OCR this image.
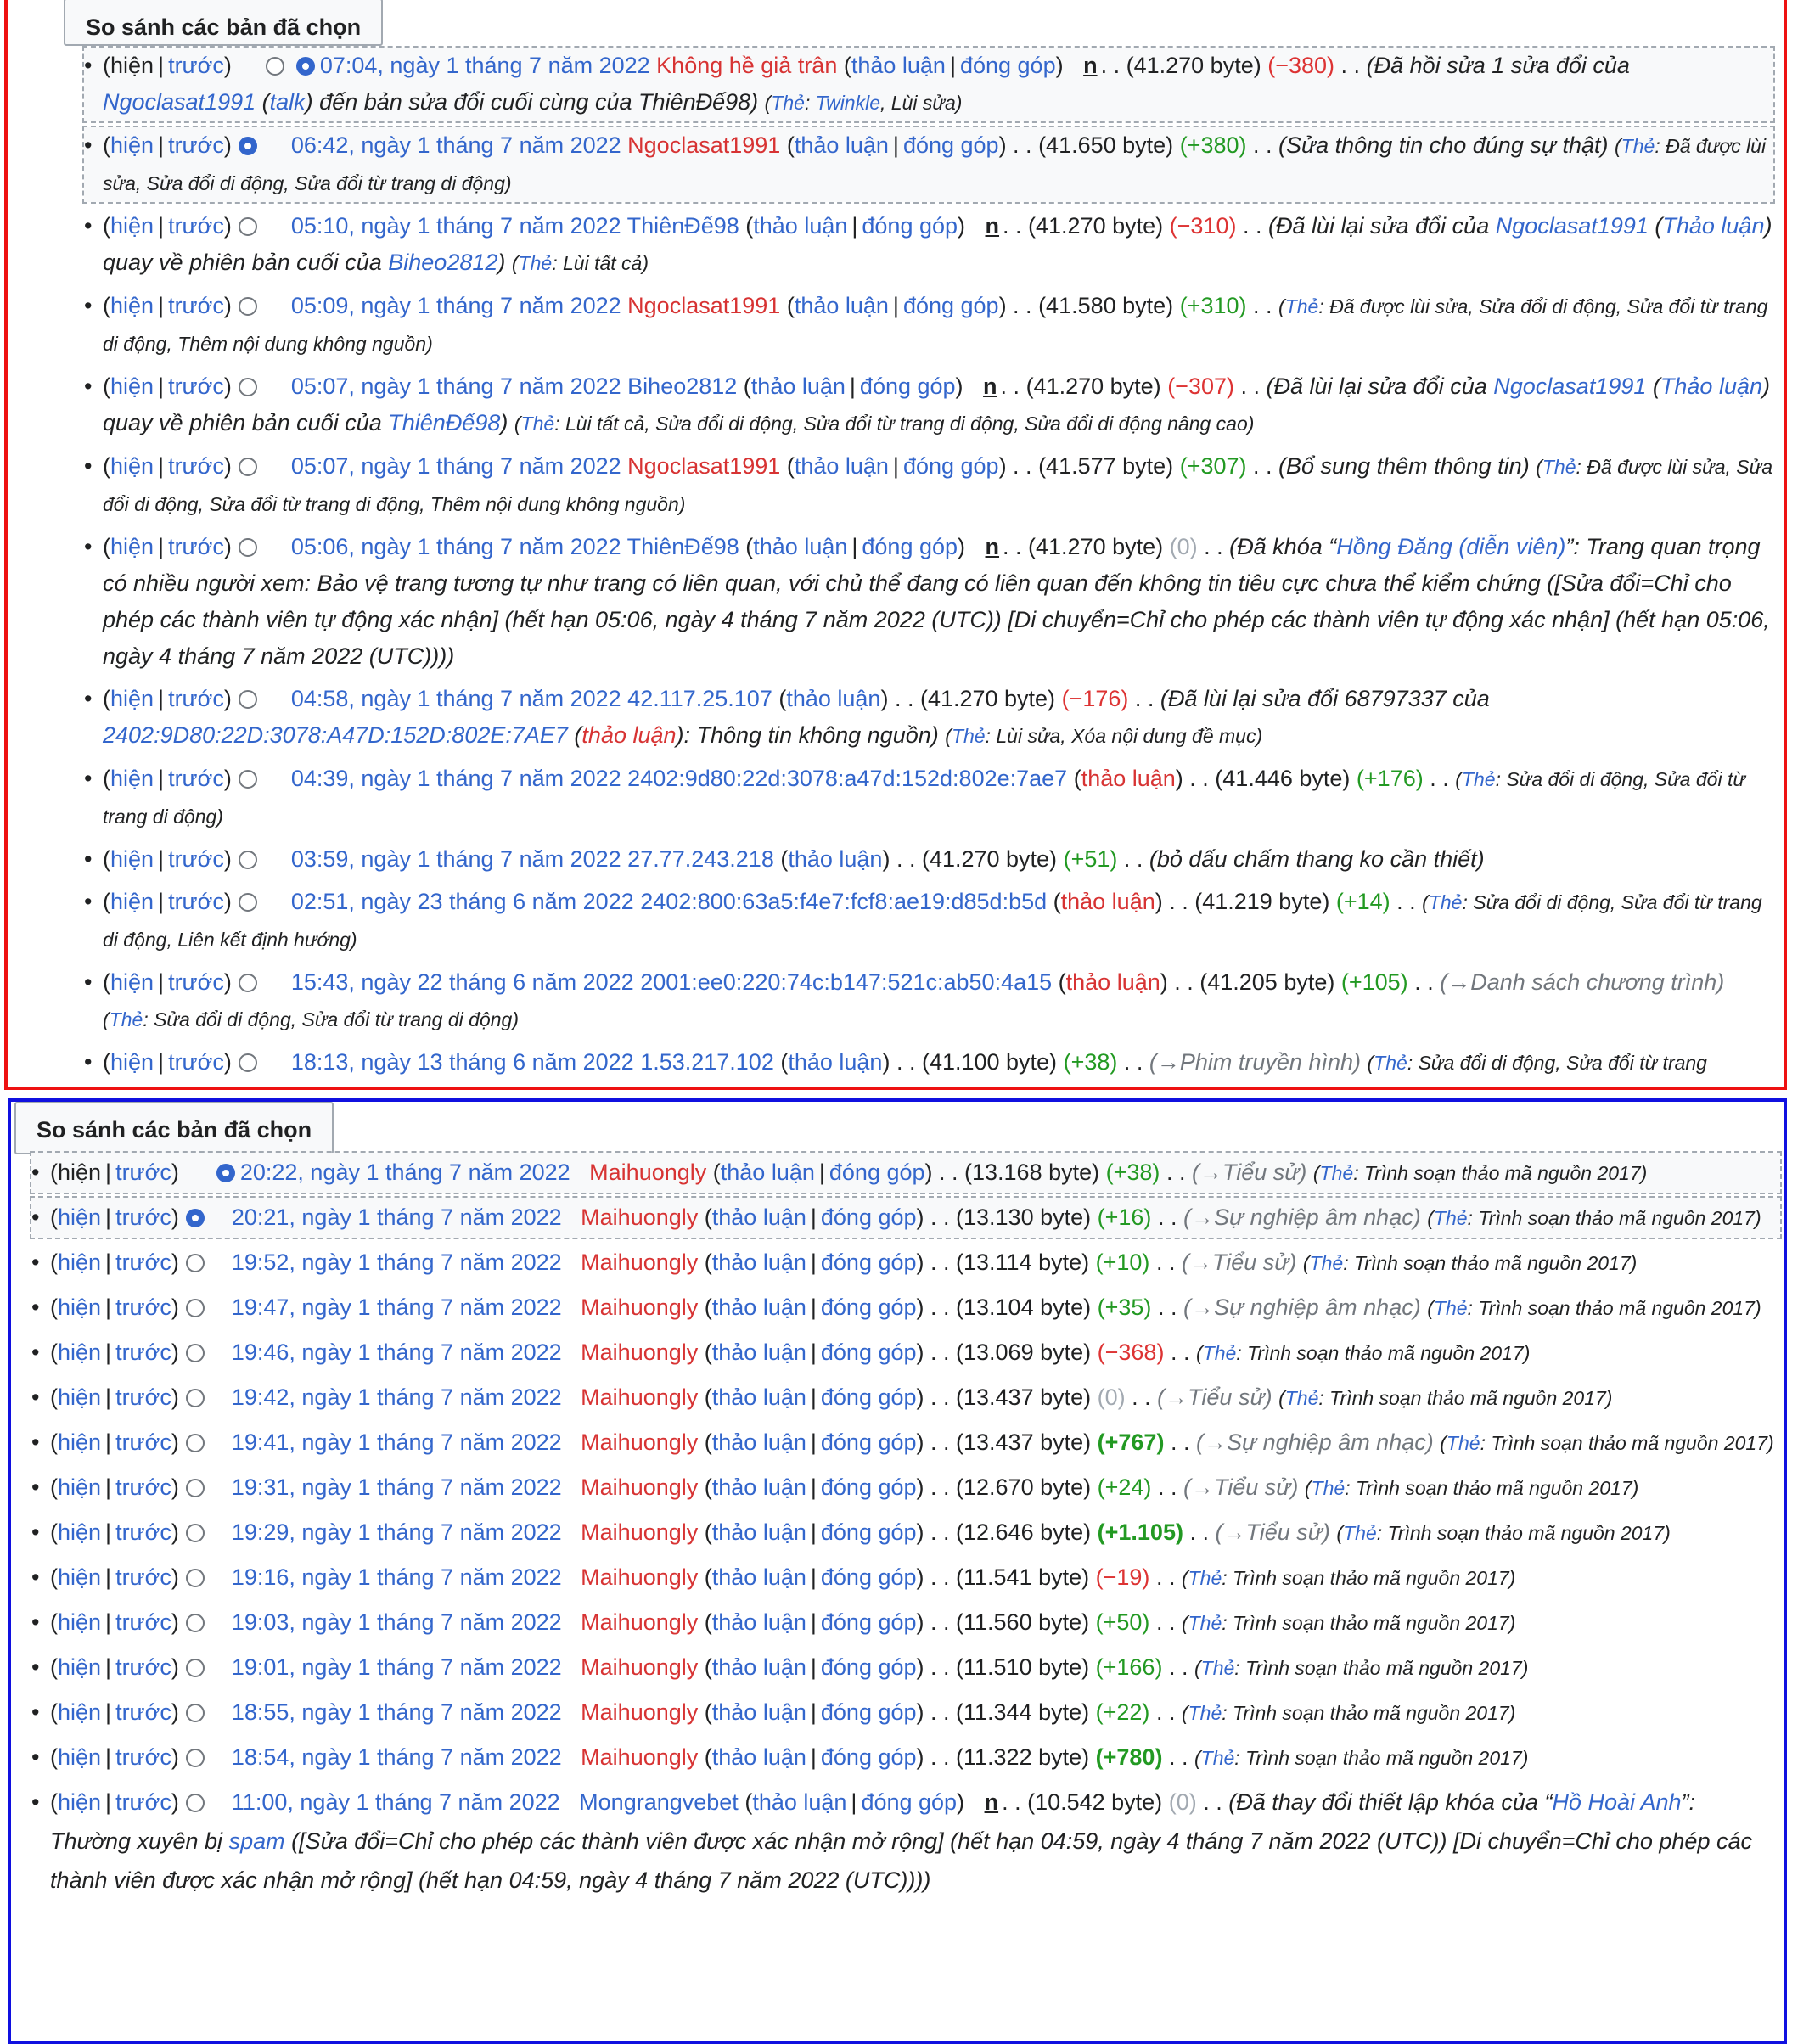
So sánh các bản đã chọn
• (hiện | trước)	07:04, ngày 1 tháng 7 năm 2022 Không hề giả trân (thảo luận | đóng góp) n . . (41.270 byte) (−380) . . (Đã hồi sửa 1 sửa đổi của Ngoclasat1991 (talk) đến bản sửa đổi cuối cùng của ThiênĐế98) (Thẻ: Twinkle, Lùi sửa)
• (hiện | trước)	06:42, ngày 1 tháng 7 năm 2022 Ngoclasat1991 (thảo luận | đóng góp) . . (41.650 byte) (+380) . . (Sửa thông tin cho đúng sự thật) (Thẻ: Đã được lùi sửa, Sửa đổi di động, Sửa đổi từ trang di động)
• (hiện | trước)	05:10, ngày 1 tháng 7 năm 2022 ThiênĐế98 (thảo luận | đóng góp) n . . (41.270 byte) (−310) . . (Đã lùi lại sửa đổi của Ngoclasat1991 (Thảo luận) quay về phiên bản cuối của Biheo2812) (Thẻ: Lùi tất cả)
• (hiện | trước)	05:09, ngày 1 tháng 7 năm 2022 Ngoclasat1991 (thảo luận | đóng góp) . . (41.580 byte) (+310) . . (Thẻ: Đã được lùi sửa, Sửa đổi di động, Sửa đổi từ trang di động, Thêm nội dung không nguồn)
• (hiện | trước)	05:07, ngày 1 tháng 7 năm 2022 Biheo2812 (thảo luận | đóng góp) n . . (41.270 byte) (−307) . . (Đã lùi lại sửa đổi của Ngoclasat1991 (Thảo luận) quay về phiên bản cuối của ThiênĐế98) (Thẻ: Lùi tất cả, Sửa đổi di động, Sửa đổi từ trang di động, Sửa đổi di động nâng cao)
• (hiện | trước)	05:07, ngày 1 tháng 7 năm 2022 Ngoclasat1991 (thảo luận | đóng góp) . . (41.577 byte) (+307) . . (Bổ sung thêm thông tin) (Thẻ: Đã được lùi sửa, Sửa đổi di động, Sửa đổi từ trang di động, Thêm nội dung không nguồn)
• (hiện | trước)	05:06, ngày 1 tháng 7 năm 2022 ThiênĐế98 (thảo luận | đóng góp) n . . (41.270 byte) (0) . . (Đã khóa “Hồng Đăng (diễn viên)”: Trang quan trọng có nhiều người xem: Bảo vệ trang tương tự như trang có liên quan, với chủ thể đang có liên quan đến không tin tiêu cực chưa thể kiểm chứng ([Sửa đổi=Chỉ cho phép các thành viên tự động xác nhận] (hết hạn 05:06, ngày 4 tháng 7 năm 2022 (UTC)) [Di chuyển=Chỉ cho phép các thành viên tự động xác nhận] (hết hạn 05:06, ngày 4 tháng 7 năm 2022 (UTC))))
• (hiện | trước)	04:58, ngày 1 tháng 7 năm 2022 42.117.25.107 (thảo luận) . . (41.270 byte) (−176) . . (Đã lùi lại sửa đổi 68797337 của 2402:9D80:22D:3078:A47D:152D:802E:7AE7 (thảo luận): Thông tin không nguồn) (Thẻ: Lùi sửa, Xóa nội dung đề mục)
• (hiện | trước)	04:39, ngày 1 tháng 7 năm 2022 2402:9d80:22d:3078:a47d:152d:802e:7ae7 (thảo luận) . . (41.446 byte) (+176) . . (Thẻ: Sửa đổi di động, Sửa đổi từ trang di động)
• (hiện | trước)	03:59, ngày 1 tháng 7 năm 2022 27.77.243.218 (thảo luận) . . (41.270 byte) (+51) . . (bỏ dấu chấm thang ko cần thiết)
• (hiện | trước)	02:51, ngày 23 tháng 6 năm 2022 2402:800:63a5:f4e7:fcf8:ae19:d85d:b5d (thảo luận) . . (41.219 byte) (+14) . . (Thẻ: Sửa đổi di động, Sửa đổi từ trang di động, Liên kết định hướng)
• (hiện | trước)	15:43, ngày 22 tháng 6 năm 2022 2001:ee0:220:74c:b147:521c:ab50:4a15 (thảo luận) . . (41.205 byte) (+105) . . (→Danh sách chương trình) (Thẻ: Sửa đổi di động, Sửa đổi từ trang di động)
• (hiện | trước)	18:13, ngày 13 tháng 6 năm 2022 1.53.217.102 (thảo luận) . . (41.100 byte) (+38) . . (→Phim truyền hình) (Thẻ: Sửa đổi di động, Sửa đổi từ trang
So sánh các bản đã chọn
• (hiện | trước)	20:22, ngày 1 tháng 7 năm 2022 Maihuongly (thảo luận | đóng góp) . . (13.168 byte) (+38) . . (→Tiểu sử) (Thẻ: Trình soạn thảo mã nguồn 2017)
• (hiện | trước) 20:21, ngày 1 tháng 7 năm 2022 Maihuongly (thảo luận | đóng góp) . . (13.130 byte) (+16) . . (→Sự nghiệp âm nhạc) (Thẻ: Trình soạn thảo mã nguồn 2017)
• (hiện | trước) 19:52, ngày 1 tháng 7 năm 2022 Maihuongly (thảo luận | đóng góp) . . (13.114 byte) (+10) . . (→Tiểu sử) (Thẻ: Trình soạn thảo mã nguồn 2017)
• (hiện | trước) 19:47, ngày 1 tháng 7 năm 2022 Maihuongly (thảo luận | đóng góp) . . (13.104 byte) (+35) . . (→Sự nghiệp âm nhạc) (Thẻ: Trình soạn thảo mã nguồn 2017)
• (hiện | trước) 19:46, ngày 1 tháng 7 năm 2022 Maihuongly (thảo luận | đóng góp) . . (13.069 byte) (−368) . . (Thẻ: Trình soạn thảo mã nguồn 2017)
• (hiện | trước) 19:42, ngày 1 tháng 7 năm 2022 Maihuongly (thảo luận | đóng góp) . . (13.437 byte) (0) . . (→Tiểu sử) (Thẻ: Trình soạn thảo mã nguồn 2017)
• (hiện | trước) 19:41, ngày 1 tháng 7 năm 2022 Maihuongly (thảo luận | đóng góp) . . (13.437 byte) (+767) . . (→Sự nghiệp âm nhạc) (Thẻ: Trình soạn thảo mã nguồn 2017)
• (hiện | trước) 19:31, ngày 1 tháng 7 năm 2022 Maihuongly (thảo luận | đóng góp) . . (12.670 byte) (+24) . . (→Tiểu sử) (Thẻ: Trình soạn thảo mã nguồn 2017)
• (hiện | trước) 19:29, ngày 1 tháng 7 năm 2022 Maihuongly (thảo luận | đóng góp) . . (12.646 byte) (+1.105) . . (→Tiểu sử) (Thẻ: Trình soạn thảo mã nguồn 2017)
• (hiện | trước) 19:16, ngày 1 tháng 7 năm 2022 Maihuongly (thảo luận | đóng góp) . . (11.541 byte) (−19) . . (Thẻ: Trình soạn thảo mã nguồn 2017)
• (hiện | trước) 19:03, ngày 1 tháng 7 năm 2022 Maihuongly (thảo luận | đóng góp) . . (11.560 byte) (+50) . . (Thẻ: Trình soạn thảo mã nguồn 2017)
• (hiện | trước) 19:01, ngày 1 tháng 7 năm 2022 Maihuongly (thảo luận | đóng góp) . . (11.510 byte) (+166) . . (Thẻ: Trình soạn thảo mã nguồn 2017)
• (hiện | trước) 18:55, ngày 1 tháng 7 năm 2022 Maihuongly (thảo luận | đóng góp) . . (11.344 byte) (+22) . . (Thẻ: Trình soạn thảo mã nguồn 2017)
• (hiện | trước) 18:54, ngày 1 tháng 7 năm 2022 Maihuongly (thảo luận | đóng góp) . . (11.322 byte) (+780) . . (Thẻ: Trình soạn thảo mã nguồn 2017)
• (hiện | trước) 11:00, ngày 1 tháng 7 năm 2022 Mongrangvebet (thảo luận | đóng góp) n . . (10.542 byte) (0) . . (Đã thay đổi thiết lập khóa của “Hồ Hoài Anh”: Thường xuyên bị spam ([Sửa đổi=Chỉ cho phép các thành viên được xác nhận mở rộng] (hết hạn 04:59, ngày 4 tháng 7 năm 2022 (UTC)) [Di chuyển=Chỉ cho phép các thành viên được xác nhận mở rộng] (hết hạn 04:59, ngày 4 tháng 7 năm 2022 (UTC))))
